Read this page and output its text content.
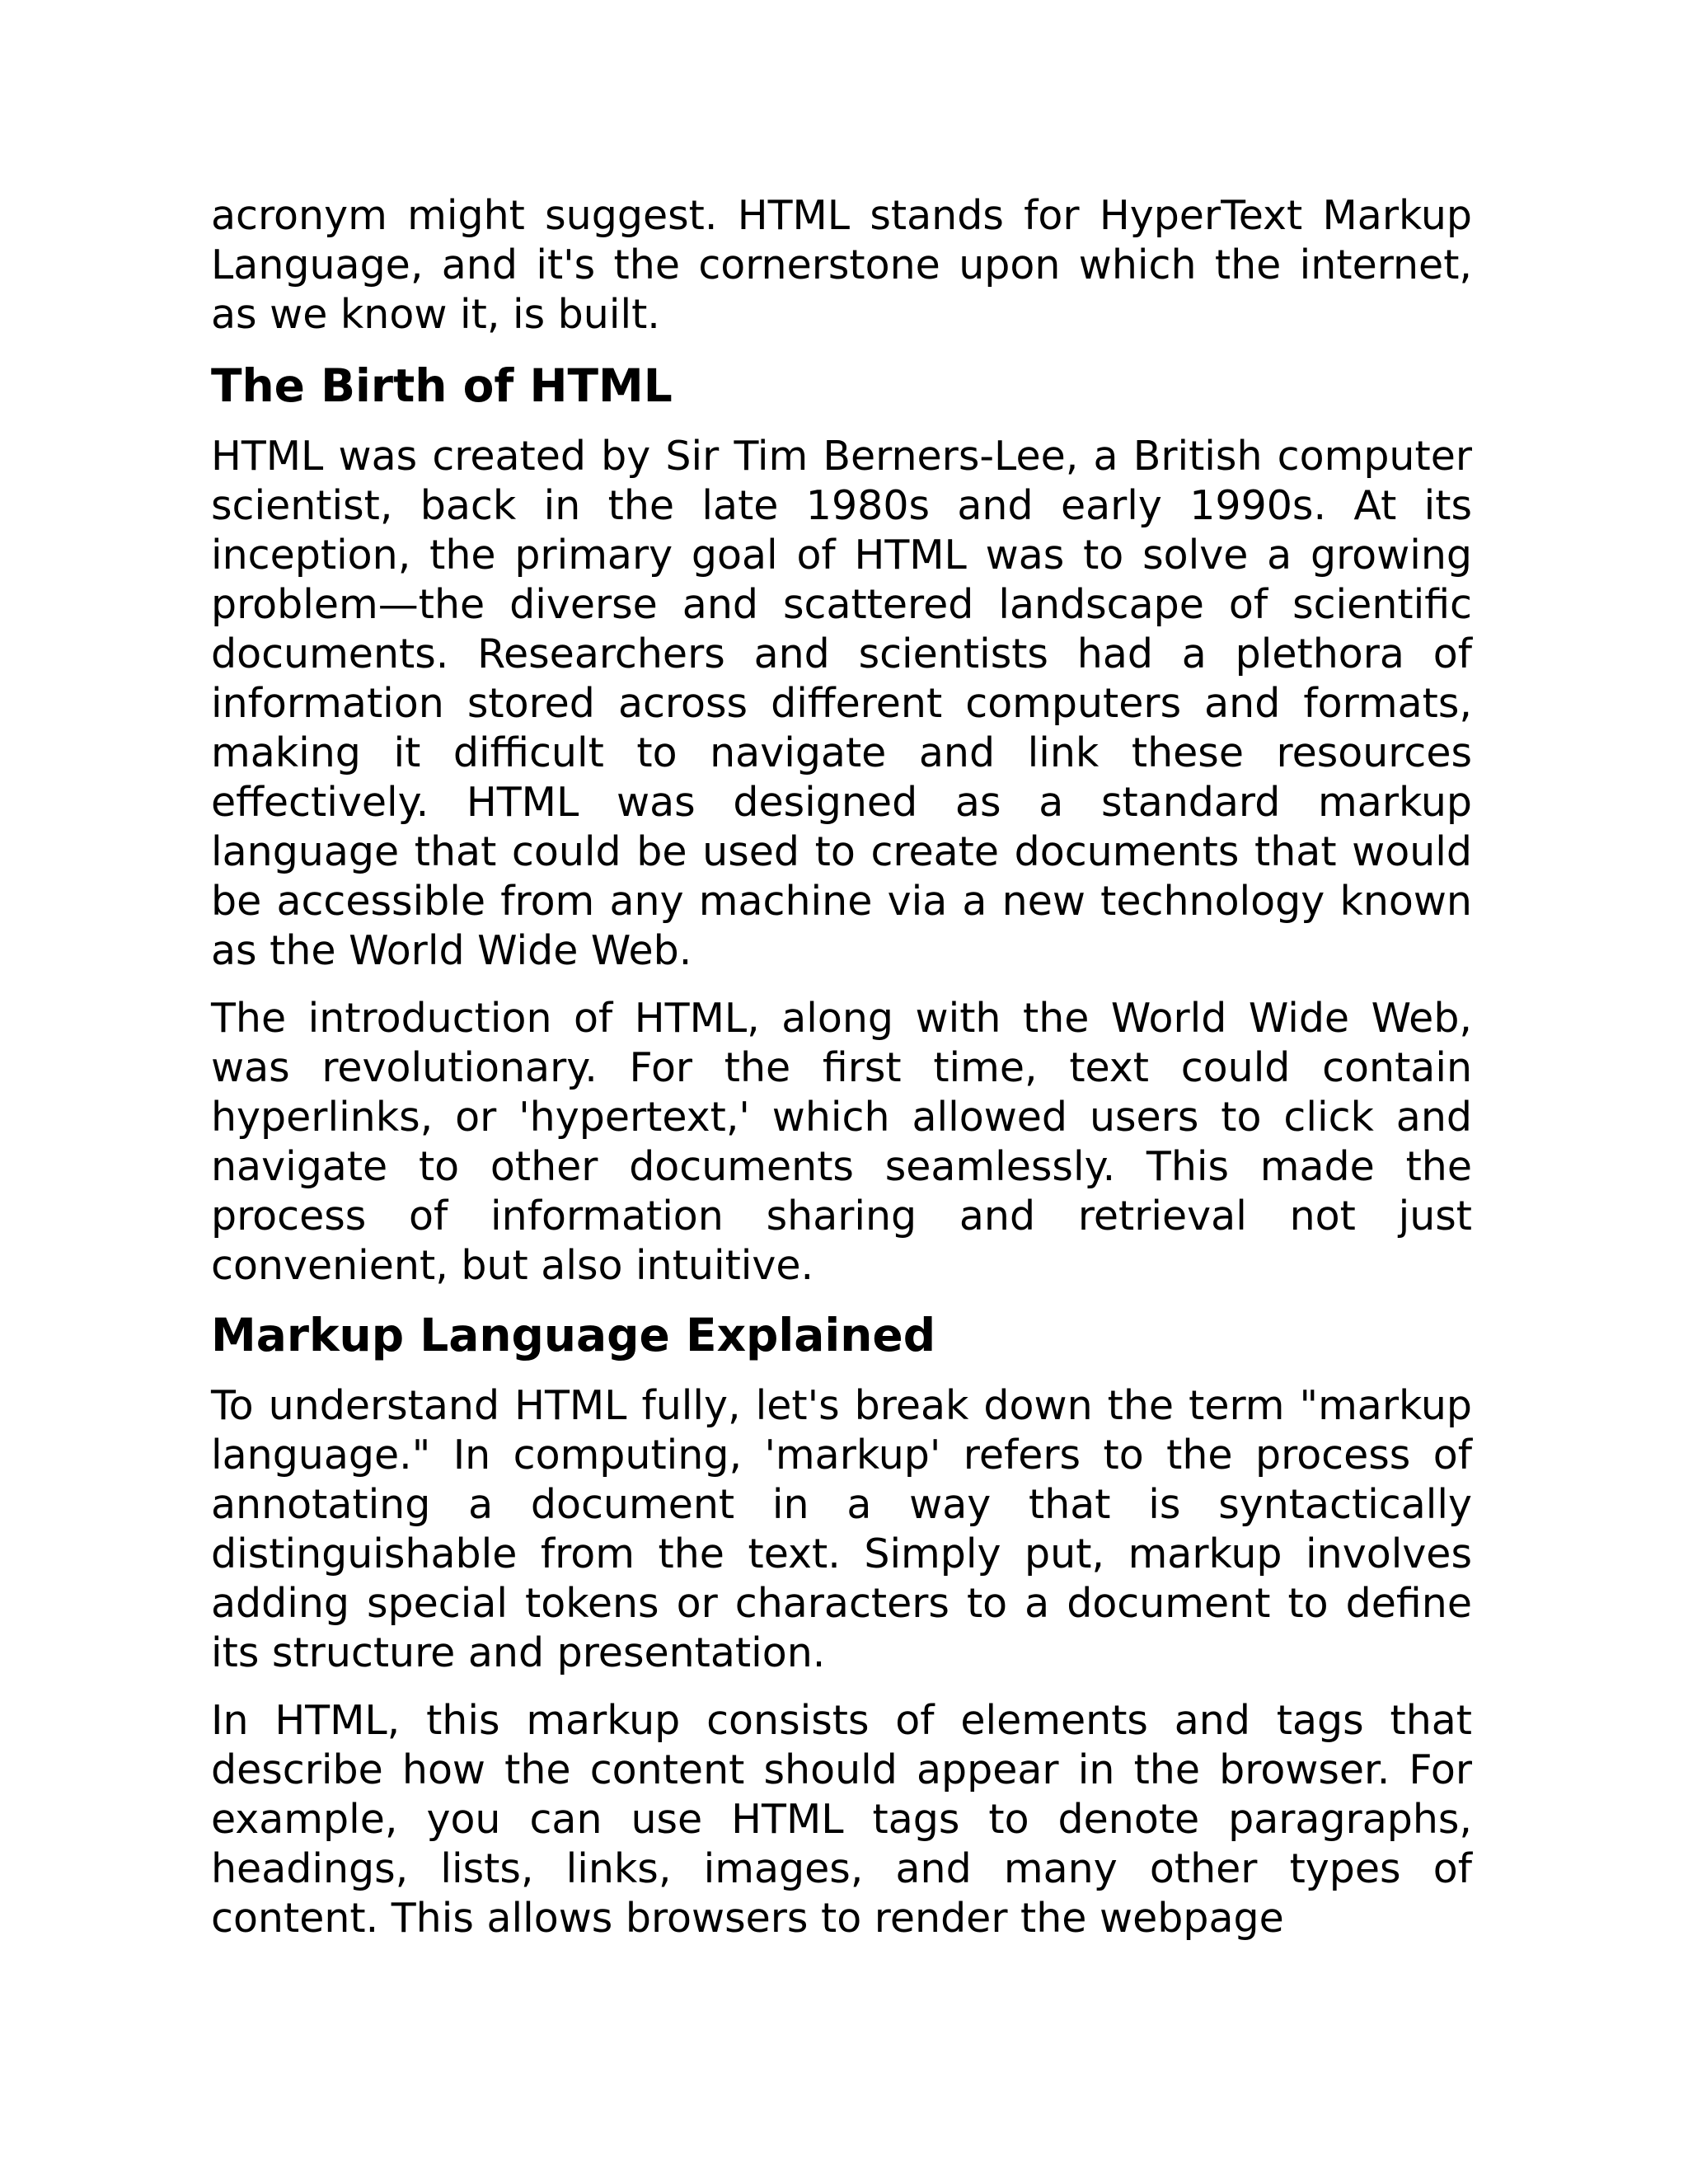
acronym might suggest. HTML stands for HyperText Markup Language, and it's the cornerstone upon which the internet, as we know it, is built.

The Birth of HTML

HTML was created by Sir Tim Berners-Lee, a British computer scientist, back in the late 1980s and early 1990s. At its inception, the primary goal of HTML was to solve a growing problem—the diverse and scattered landscape of scientific documents. Researchers and scientists had a plethora of information stored across different computers and formats, making it difficult to navigate and link these resources effectively. HTML was designed as a standard markup language that could be used to create documents that would be accessible from any machine via a new technology known as the World Wide Web.

The introduction of HTML, along with the World Wide Web, was revolutionary. For the first time, text could contain hyperlinks, or 'hypertext,' which allowed users to click and navigate to other documents seamlessly. This made the process of information sharing and retrieval not just convenient, but also intuitive.

Markup Language Explained

To understand HTML fully, let's break down the term "markup language." In computing, 'markup' refers to the process of annotating a document in a way that is syntactically distinguishable from the text. Simply put, markup involves adding special tokens or characters to a document to define its structure and presentation.

In HTML, this markup consists of elements and tags that describe how the content should appear in the browser. For example, you can use HTML tags to denote paragraphs, headings, lists, links, images, and many other types of content. This allows browsers to render the webpage
